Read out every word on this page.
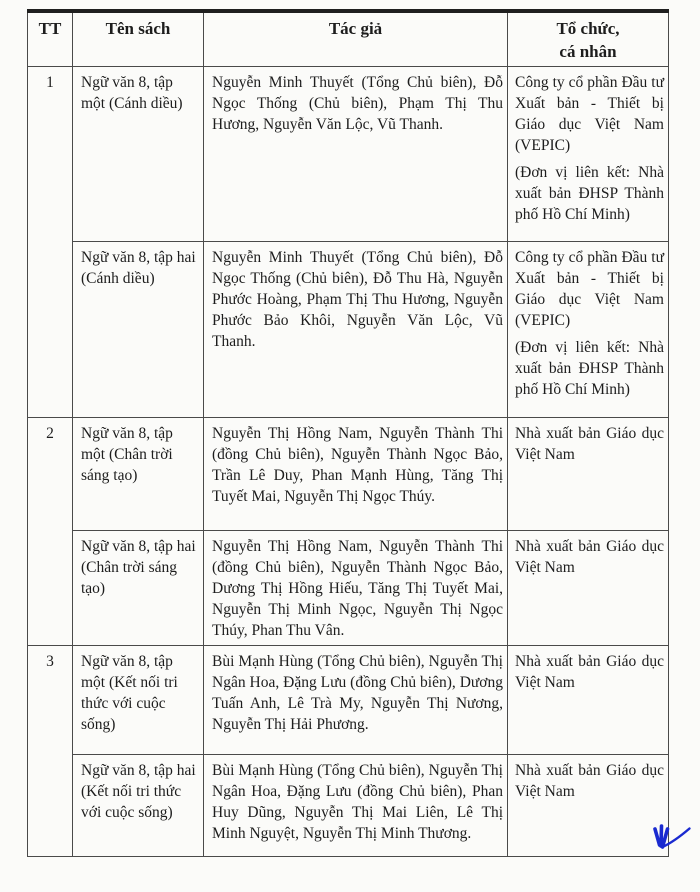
TT	Tên sách	Tác giả	Tổ chức,
cá nhân

1	Ngữ văn 8, tập một (Cánh diều)	Nguyễn Minh Thuyết (Tổng Chủ biên), Đỗ Ngọc Thống (Chủ biên), Phạm Thị Thu Hương, Nguyễn Văn Lộc, Vũ Thanh.	Công ty cổ phần Đầu tư Xuất bản - Thiết bị Giáo dục Việt Nam (VEPIC)

(Đơn vị liên kết: Nhà xuất bản ĐHSP Thành phố Hồ Chí Minh)

	Ngữ văn 8, tập hai (Cánh diều)	Nguyễn Minh Thuyết (Tổng Chủ biên), Đỗ Ngọc Thống (Chủ biên), Đỗ Thu Hà, Nguyễn Phước Hoàng, Phạm Thị Thu Hương, Nguyễn Phước Bảo Khôi, Nguyễn Văn Lộc, Vũ Thanh.	Công ty cổ phần Đầu tư Xuất bản - Thiết bị Giáo dục Việt Nam (VEPIC)

(Đơn vị liên kết: Nhà xuất bản ĐHSP Thành phố Hồ Chí Minh)

2	Ngữ văn 8, tập một (Chân trời sáng tạo)	Nguyễn Thị Hồng Nam, Nguyễn Thành Thi (đồng Chủ biên), Nguyễn Thành Ngọc Bảo, Trần Lê Duy, Phan Mạnh Hùng, Tăng Thị Tuyết Mai, Nguyễn Thị Ngọc Thúy.	Nhà xuất bản Giáo dục Việt Nam

	Ngữ văn 8, tập hai (Chân trời sáng tạo)	Nguyễn Thị Hồng Nam, Nguyễn Thành Thi (đồng Chủ biên), Nguyễn Thành Ngọc Bảo, Dương Thị Hồng Hiếu, Tăng Thị Tuyết Mai, Nguyễn Thị Minh Ngọc, Nguyễn Thị Ngọc Thúy, Phan Thu Vân.	Nhà xuất bản Giáo dục Việt Nam

3	Ngữ văn 8, tập một (Kết nối tri thức với cuộc sống)	Bùi Mạnh Hùng (Tổng Chủ biên), Nguyễn Thị Ngân Hoa, Đặng Lưu (đồng Chủ biên), Dương Tuấn Anh, Lê Trà My, Nguyễn Thị Nương, Nguyễn Thị Hải Phương.	Nhà xuất bản Giáo dục Việt Nam

	Ngữ văn 8, tập hai (Kết nối tri thức với cuộc sống)	Bùi Mạnh Hùng (Tổng Chủ biên), Nguyễn Thị Ngân Hoa, Đặng Lưu (đồng Chủ biên), Phan Huy Dũng, Nguyễn Thị Mai Liên, Lê Thị Minh Nguyệt, Nguyễn Thị Minh Thương.	Nhà xuất bản Giáo dục Việt Nam
